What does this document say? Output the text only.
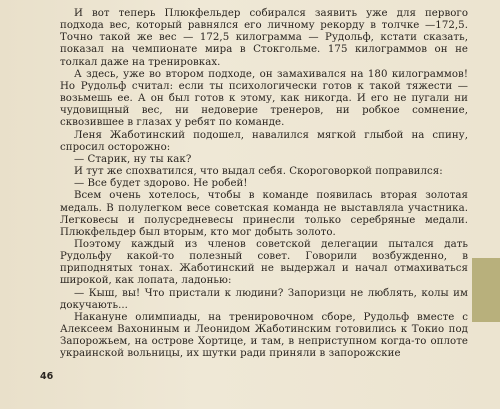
И вот теперь Плюкфельдер собирался заявить уже для первого подхода вес, который равнялся его личному рекорду в толчке —172,5. Точно такой же вес — 172,5 килограмма — Рудольф, кстати сказать, показал на чемпионате мира в Стокгольме. 175 килограммов он не толкал даже на тренировках.

А здесь, уже во втором подходе, он замахивался на 180 килограммов! Но Рудольф считал: если ты психологически готов к такой тяжести — возьмешь ее. А он был готов к этому, как никогда. И его не пугали ни чудовищный вес, ни недоверие тренеров, ни робкое сомнение, сквозившее в глазах у ребят по команде.

Леня Жаботинский подошел, навалился мягкой глыбой на спину, спросил осторожно:

— Старик, ну ты как?

И тут же спохватился, что выдал себя. Скороговоркой поправился:

— Все будет здорово. Не робей!

Всем очень хотелось, чтобы в команде появилась вторая золотая медаль. В полулегком весе советская команда не выставляла участника. Легковесы и полусредневесы принесли только серебряные медали. Плюкфельдер был вторым, кто мог добыть золото.

Поэтому каждый из членов советской делегации пытался дать Рудольфу какой-то полезный совет. Говорили возбужденно, в приподнятых тонах. Жаботинский не выдержал и начал отмахиваться широкой, как лопата, ладонью:

— Кыш, вы! Что пристали к людини? Запоризци не люблять, колы им докучають...

Накануне олимпиады, на тренировочном сборе, Рудольф вместе с Алексеем Вахониным и Леонидом Жаботинским готовились к Токио под Запорожьем, на острове Хортице, и там, в неприступном когда-то оплоте украинской вольницы, их шутки ради приняли в запорожские

46
